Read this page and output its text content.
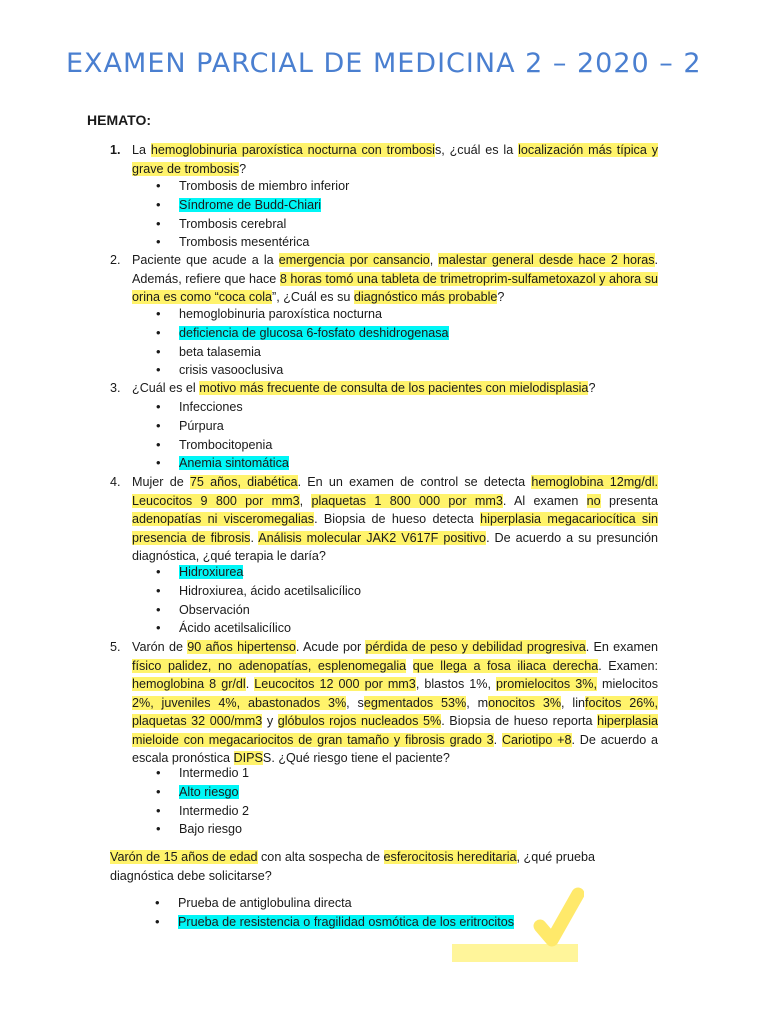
EXAMEN PARCIAL DE MEDICINA 2 – 2020 – 2
HEMATO:
1. La hemoglobinuria paroxística nocturna con trombosis, ¿cuál es la localización más típica y grave de trombosis?
• Trombosis de miembro inferior
• Síndrome de Budd-Chiari
• Trombosis cerebral
• Trombosis mesentérica
2. Paciente que acude a la emergencia por cansancio, malestar general desde hace 2 horas. Además, refiere que hace 8 horas tomó una tableta de trimetroprim-sulfametoxazol y ahora su orina es como “coca cola”, ¿Cuál es su diagnóstico más probable?
• hemoglobinuria paroxística nocturna
• deficiencia de glucosa 6-fosfato deshidrogenasa
• beta talasemia
• crisis vasooclusiva
3. ¿Cuál es el motivo más frecuente de consulta de los pacientes con mielodisplasia?
• Infecciones
• Púrpura
• Trombocitopenia
• Anemia sintomática
4. Mujer de 75 años, diabética. En un examen de control se detecta hemoglobina 12mg/dl. Leucocitos 9 800 por mm3, plaquetas 1 800 000 por mm3. Al examen no presenta adenopatías ni visceromegalias. Biopsia de hueso detecta hiperplasia megacariocítica sin presencia de fibrosis. Análisis molecular JAK2 V617F positivo. De acuerdo a su presunción diagnóstica, ¿qué terapia le daría?
• Hidroxiurea
• Hidroxiurea, ácido acetilsalicílico
• Observación
• Ácido acetilsalicílico
5. Varón de 90 años hipertenso. Acude por pérdida de peso y debilidad progresiva. En examen físico palidez, no adenopatías, esplenomegalia que llega a fosa iliaca derecha. Examen: hemoglobina 8 gr/dl. Leucocitos 12 000 por mm3, blastos 1%, promielocitos 3%, mielocitos 2%, juveniles 4%, abastonados 3%, segmentados 53%, monocitos 3%, linfocitos 26%, plaquetas 32 000/mm3 y glóbulos rojos nucleados 5%. Biopsia de hueso reporta hiperplasia mieloide con megacariocitos de gran tamaño y fibrosis grado 3. Cariotipo +8. De acuerdo a escala pronóstica DIPSS. ¿Qué riesgo tiene el paciente?
• Intermedio 1
• Alto riesgo
• Intermedio 2
• Bajo riesgo
Varón de 15 años de edad con alta sospecha de esferocitosis hereditaria, ¿qué prueba diagnóstica debe solicitarse?
• Prueba de antiglobulina directa
• Prueba de resistencia o fragilidad osmótica de los eritrocitos
